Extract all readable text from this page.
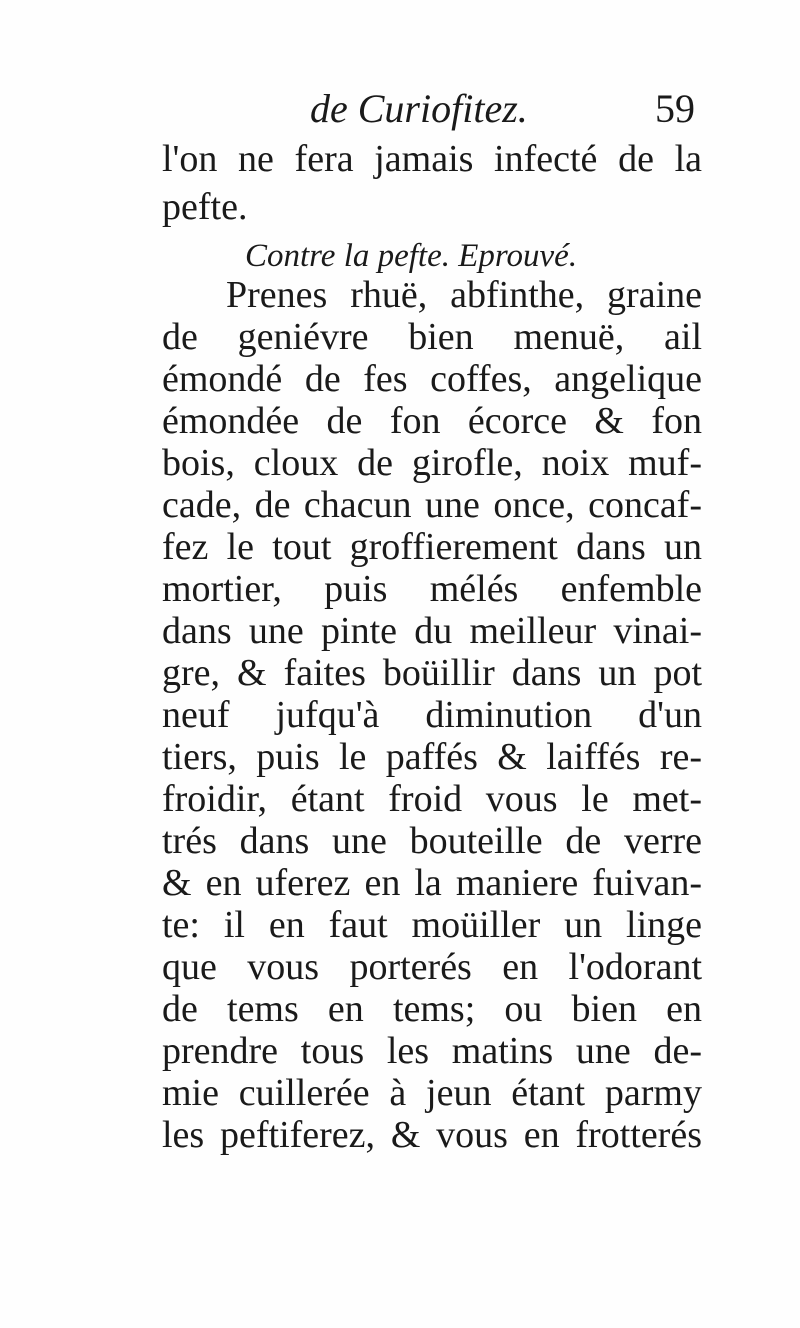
de Curiofitez.	59
l'on ne fera jamais infecté de la
pefte.
Contre la pefte. Eprouvé.
Prenes rhuë, abfinthe, graine
de geniévre bien menuë, ail
émondé de fes coffes, angelique
émondée de fon écorce & fon
bois, cloux de girofle, noix muf-
cade, de chacun une once, concaf-
fez le tout groffierement dans un
mortier, puis mélés enfemble
dans une pinte du meilleur vinai-
gre, & faites boüillir dans un pot
neuf jufqu'à diminution d'un
tiers, puis le paffés & laiffés re-
froidir, étant froid vous le met-
trés dans une bouteille de verre
& en uferez en la maniere fuivan-
te: il en faut moüiller un linge
que vous porterés en l'odorant
de tems en tems; ou bien en
prendre tous les matins une de-
mie cuillerée à jeun étant parmy
les peftiferez, & vous en frotterés
